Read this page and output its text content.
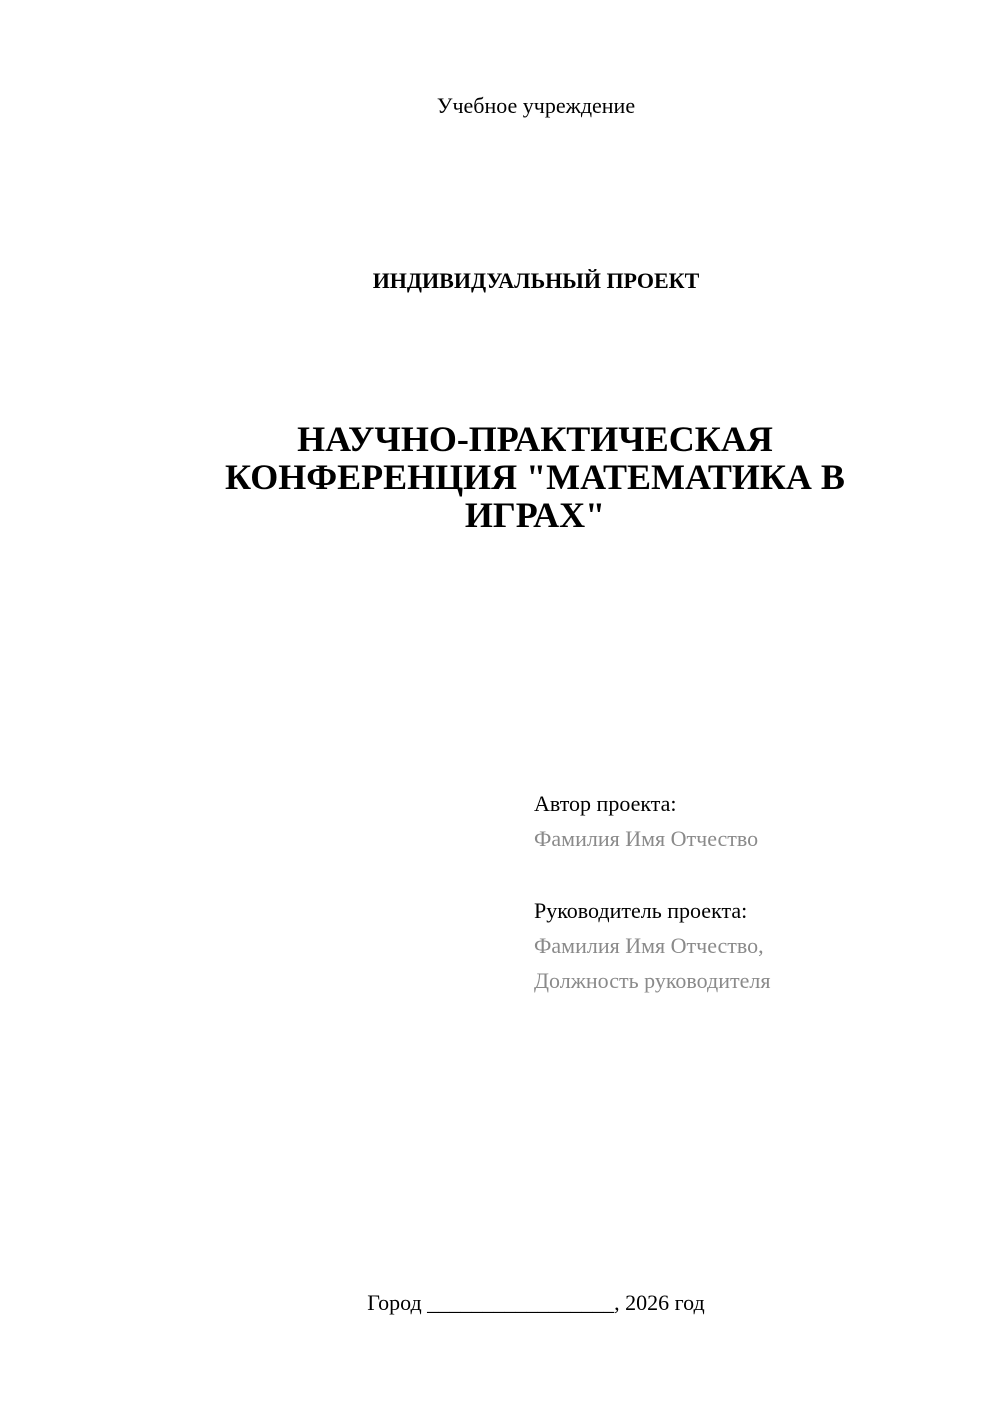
Учебное учреждение
ИНДИВИДУАЛЬНЫЙ ПРОЕКТ
НАУЧНО-ПРАКТИЧЕСКАЯ
КОНФЕРЕНЦИЯ "МАТЕМАТИКА В
ИГРАХ"
Автор проекта:
Фамилия Имя Отчество
Руководитель проекта:
Фамилия Имя Отчество,
Должность руководителя
Город _________________, 2026 год
